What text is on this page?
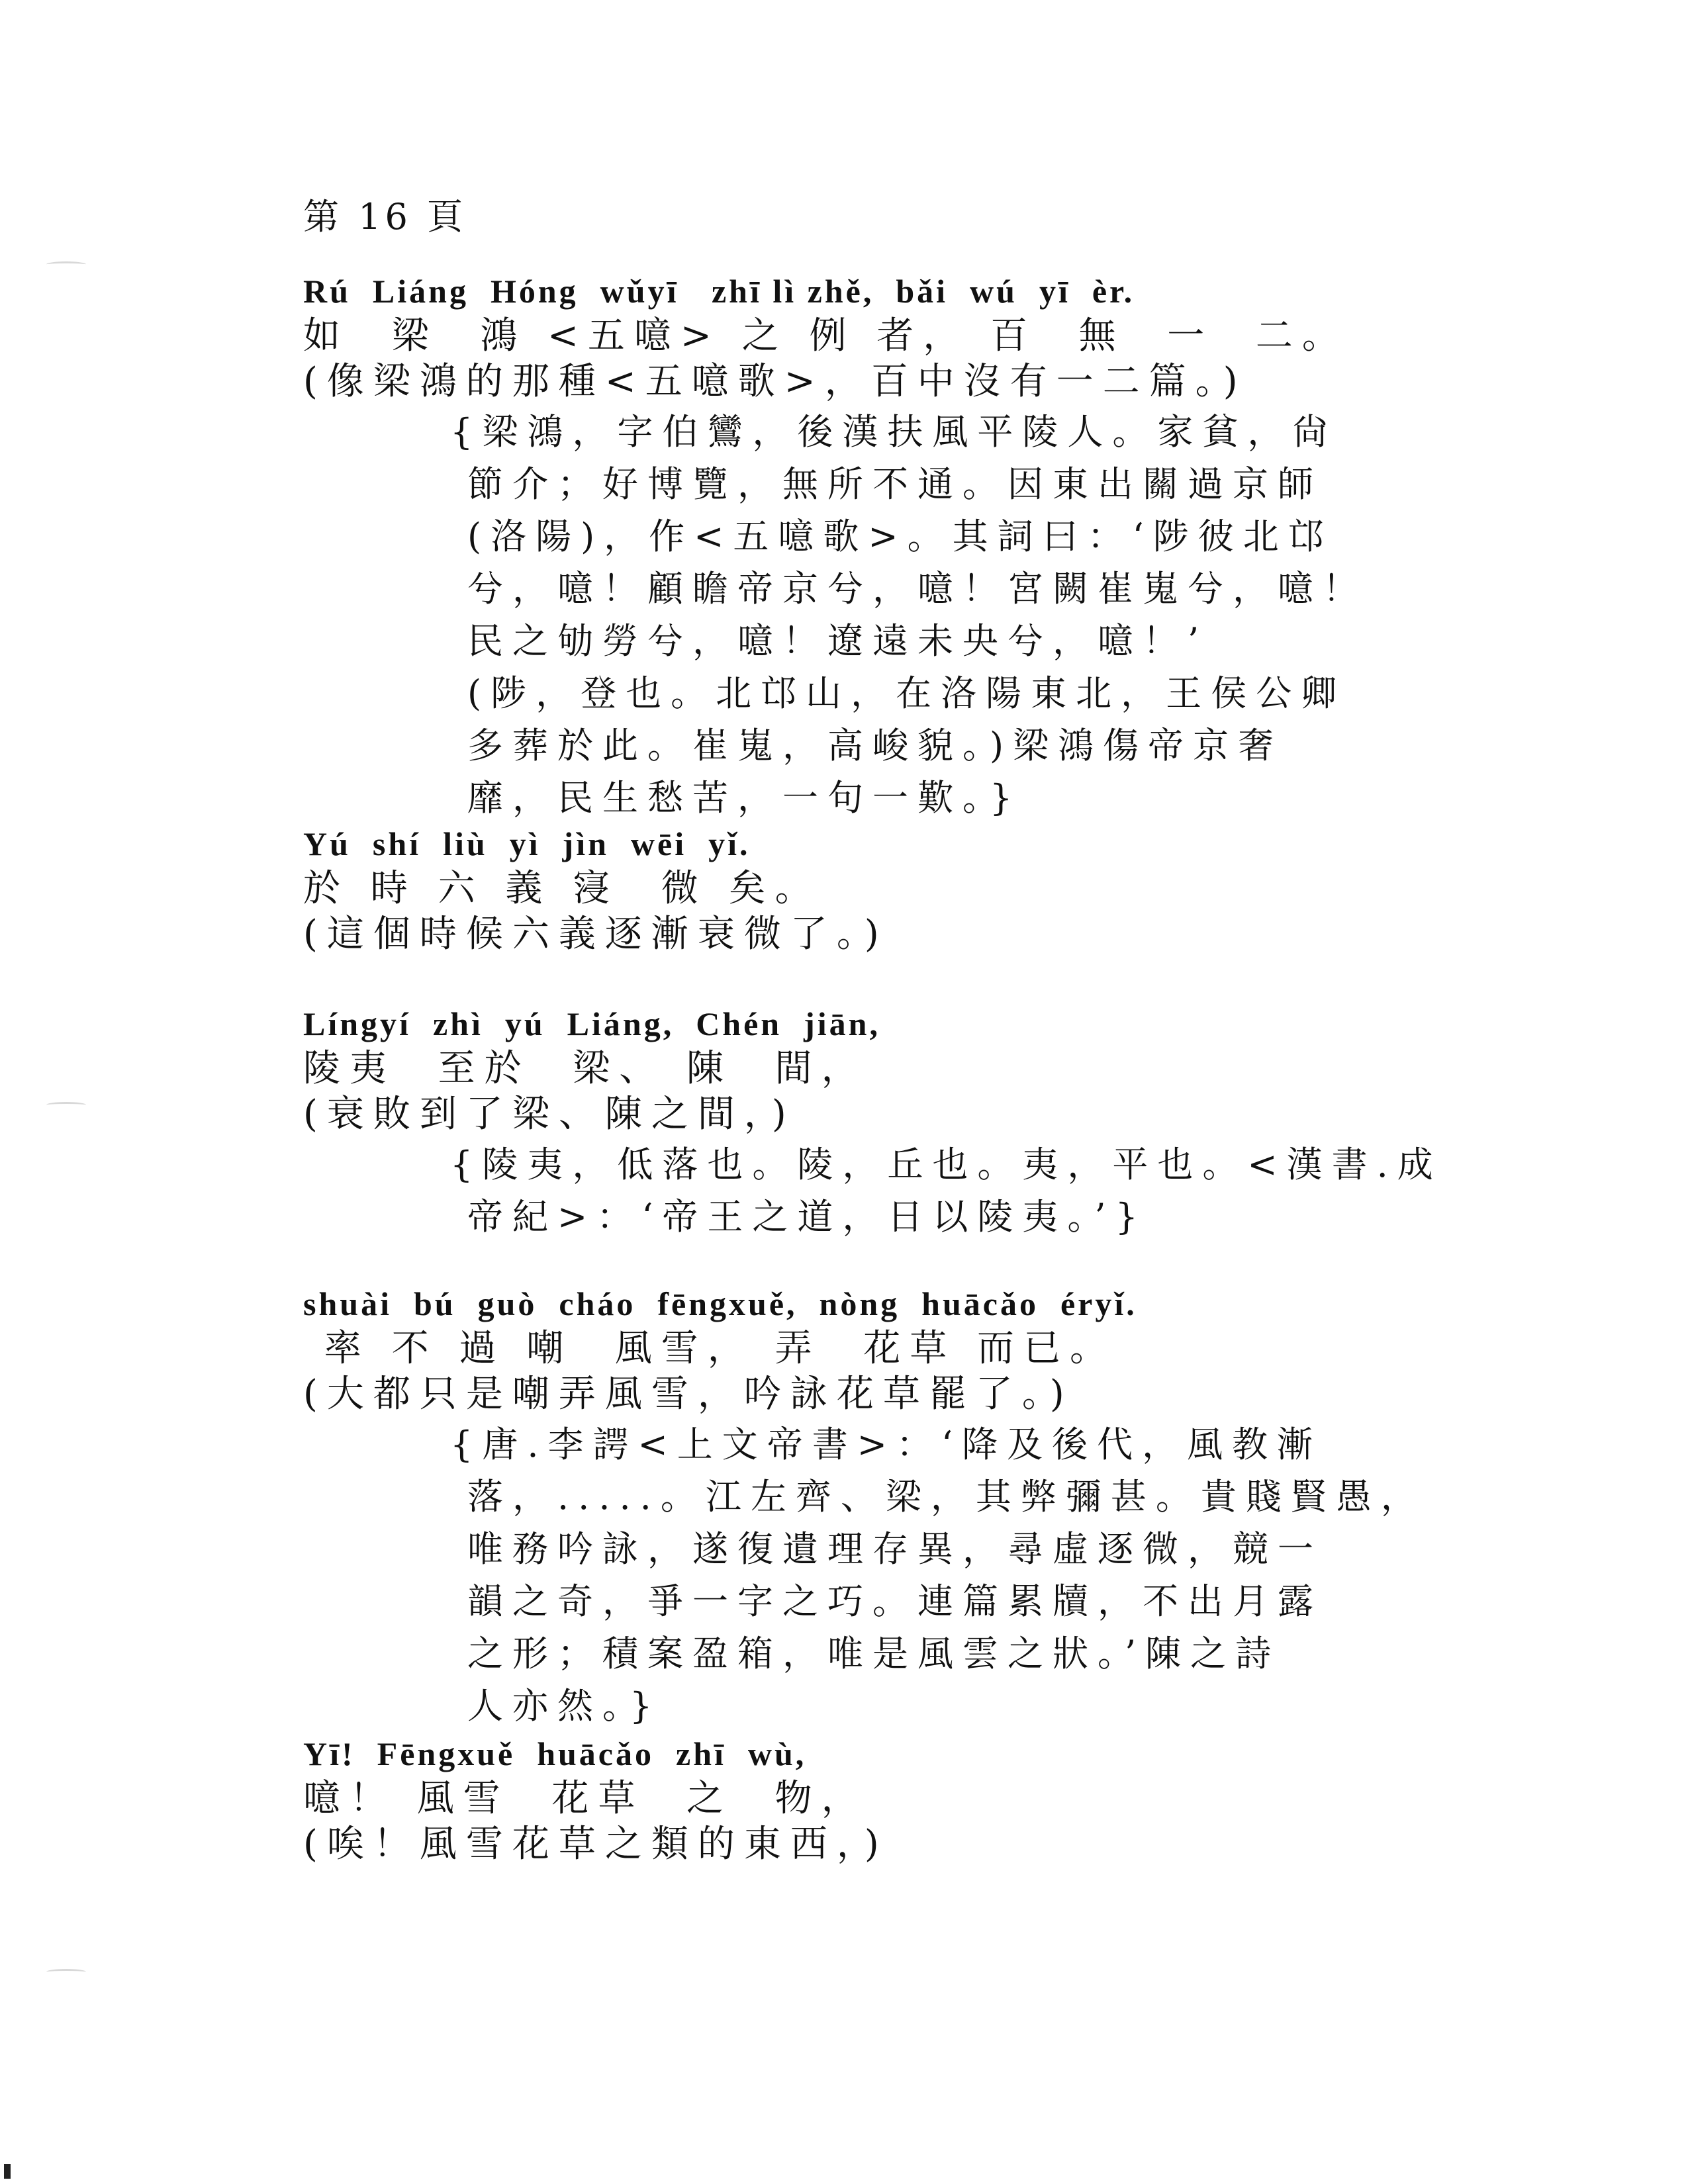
第 16 頁
Rú  Liáng  Hóng  wǔyī   zhī lì zhě,  bǎi  wú  yī  èr.
如  梁  鴻 <五噫> 之 例 者， 百  無  一  二。
(像梁鴻的那種<五噫歌>，百中沒有一二篇。)
{梁鴻，字伯鸞，後漢扶風平陵人。家貧，尙
節介；好博覽，無所不通。因東出關過京師
(洛陽)，作<五噫歌>。其詞曰：‘陟彼北邙
兮，噫！顧瞻帝京兮，噫！宮闕崔嵬兮，噫！
民之劬勞兮，噫！遼遠未央兮，噫！’
(陟，登也。北邙山，在洛陽東北，王侯公卿
多葬於此。崔嵬，高峻貌。)梁鴻傷帝京奢
靡，民生愁苦，一句一歎。}
Yú  shí  liù  yì  jìn  wēi  yǐ.
於 時 六 義 寖  微 矣。
(這個時候六義逐漸衰微了。)
Língyí  zhì  yú  Liáng,  Chén  jiān,
陵夷  至於  梁、 陳  間，
(衰敗到了梁、陳之間，)
{陵夷，低落也。陵，丘也。夷，平也。<漢書.成
帝紀>：‘帝王之道，日以陵夷。’}
shuài  bú  guò  cháo  fēngxuě,  nòng  huācǎo  éryǐ.
率 不 過 嘲  風雪， 弄  花草 而已。
(大都只是嘲弄風雪，吟詠花草罷了。)
{唐.李諤<上文帝書>：‘降及後代，風教漸
落，.....。江左齊、梁，其弊彌甚。貴賤賢愚，
唯務吟詠，遂復遺理存異，尋虛逐微，競一
韻之奇，爭一字之巧。連篇累牘，不出月露
之形；積案盈箱，唯是風雲之狀。’陳之詩
人亦然。}
Yī!  Fēngxuě  huācǎo  zhī  wù,
噫！ 風雪  花草  之  物，
(唉！風雪花草之類的東西，)
